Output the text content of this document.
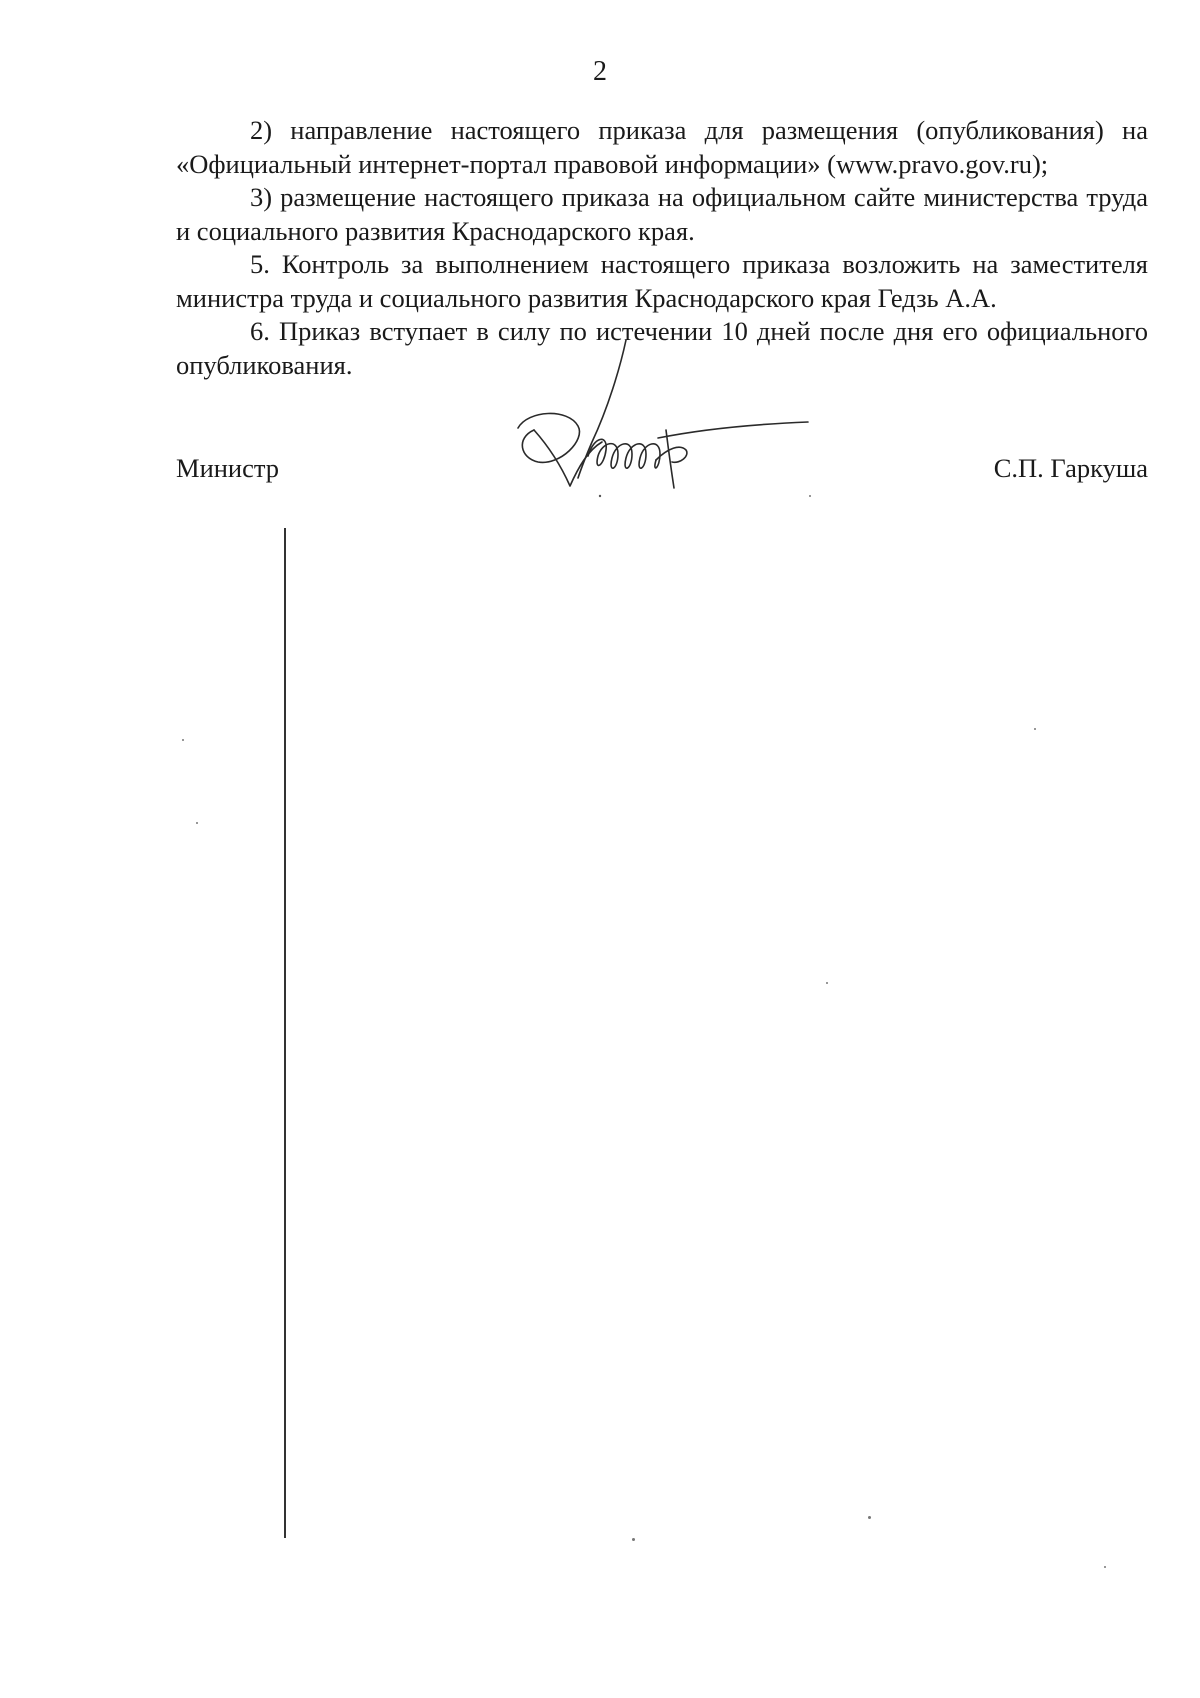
2

2) направление настоящего приказа для размещения (опубликования) на «Официальный интернет-портал правовой информации» (www.pravo.gov.ru);

3) размещение настоящего приказа на официальном сайте министерства труда и социального развития Краснодарского края.

5. Контроль за выполнением настоящего приказа возложить на заместителя министра труда и социального развития Краснодарского края Гедзь А.А.

6. Приказ вступает в силу по истечении 10 дней после дня его официального опубликования.

Министр	С.П. Гаркуша
